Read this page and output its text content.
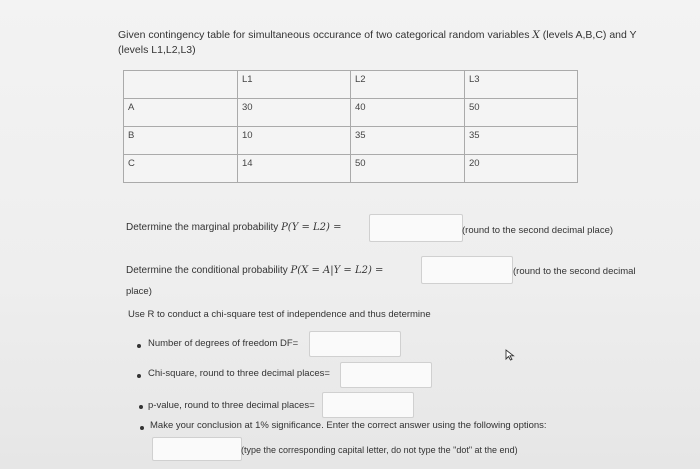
Given contingency table for simultaneous occurance of two categorical random variables X (levels A,B,C) and Y
(levels L1,L2,L3)
	L1	L2	L3
A	30	40	50
B	10	35	35
C	14	50	20
Determine the marginal probability P(Y = L2) =	(round to the second decimal place)
Determine the conditional probability P(X = A|Y = L2) =	(round to the second decimal
place)
Use R to conduct a chi-square test of independence and thus determine
Number of degrees of freedom DF=
Chi-square, round to three decimal places=
p-value, round to three decimal places=
Make your conclusion at 1% significance. Enter the correct answer using the following options:
(type the corresponding capital letter, do not type the "dot" at the end)
